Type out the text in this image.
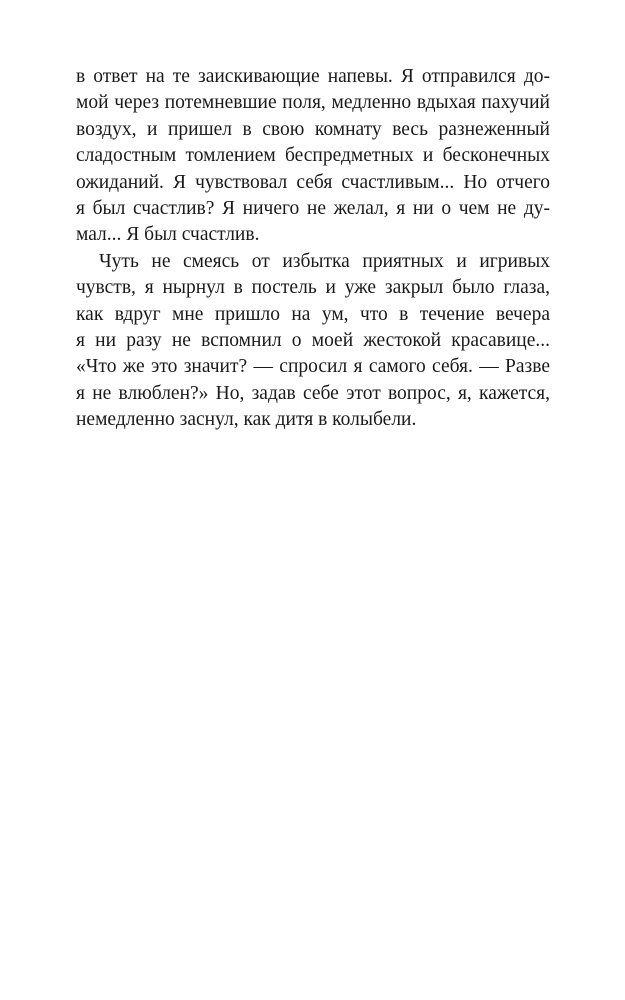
в ответ на те заискивающие напевы. Я отправился до-
мой через потемневшие поля, медленно вдыхая пахучий
воздух, и пришел в свою комнату весь разнеженный
сладостным томлением беспредметных и бесконечных
ожиданий. Я чувствовал себя счастливым... Но отчего
я был счастлив? Я ничего не желал, я ни о чем не ду-
мал... Я был счастлив.
Чуть не смеясь от избытка приятных и игривых
чувств, я нырнул в постель и уже закрыл было глаза,
как вдруг мне пришло на ум, что в течение вечера
я ни разу не вспомнил о моей жестокой красавице...
«Что же это значит? — спросил я самого себя. — Разве
я не влюблен?» Но, задав себе этот вопрос, я, кажется,
немедленно заснул, как дитя в колыбели.
